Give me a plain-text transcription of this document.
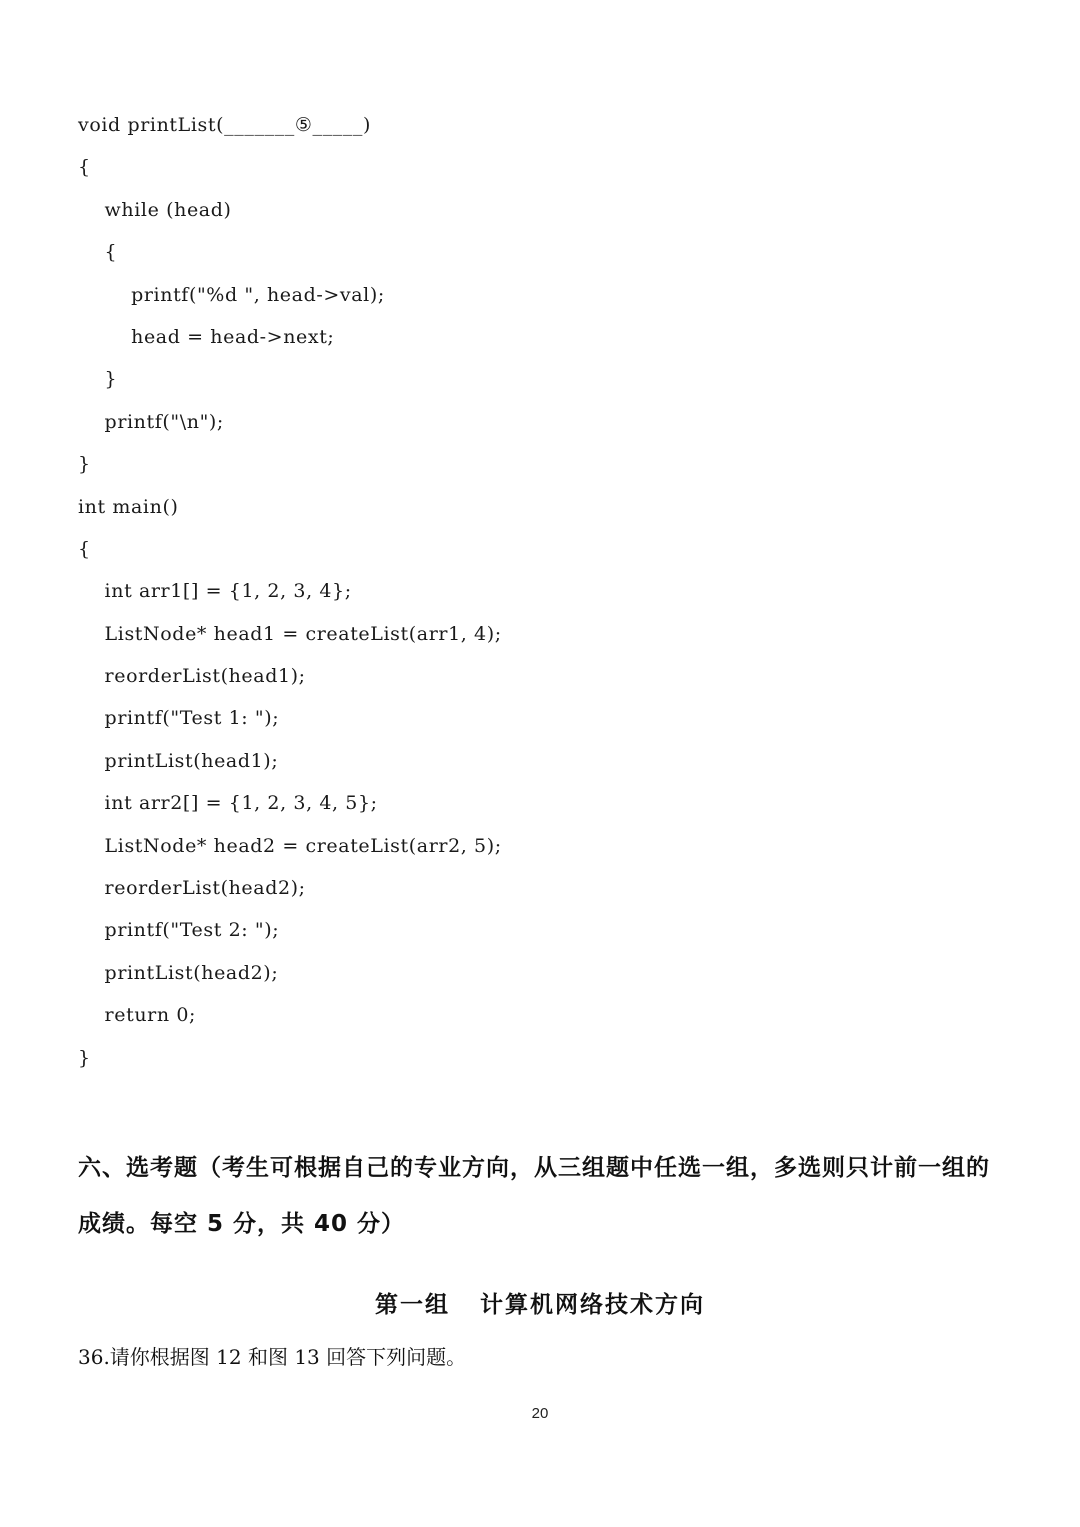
void printList(_______⑤_____)
{
while (head)
{
printf("%d ", head->val);
head = head->next;
}
printf("\n");
}
int main()
{
int arr1[] = {1, 2, 3, 4};
ListNode* head1 = createList(arr1, 4);
reorderList(head1);
printf("Test 1: ");
printList(head1);
int arr2[] = {1, 2, 3, 4, 5};
ListNode* head2 = createList(arr2, 5);
reorderList(head2);
printf("Test 2: ");
printList(head2);
return 0;
}
六、选考题（考生可根据自己的专业方向，从三组题中任选一组，多选则只计前一组的成绩。每空 5 分，共 40 分）
第一组   计算机网络技术方向
36.请你根据图 12 和图 13 回答下列问题。
20
